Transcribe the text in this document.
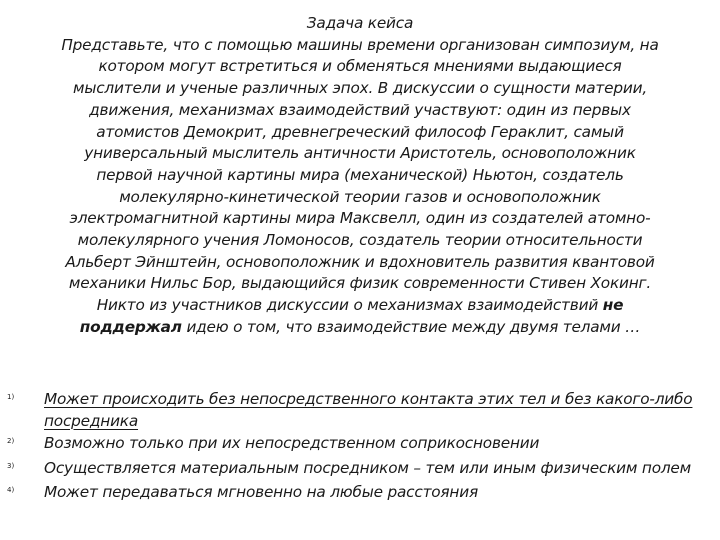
Задача кейса

Представьте, что с помощью машины времени организован симпозиум, на котором могут встретиться и обменяться мнениями выдающиеся мыслители и ученые различных эпох. В дискуссии о сущности материи, движения, механизмах взаимодействий участвуют: один из первых атомистов Демокрит, древнегреческий философ Гераклит, самый универсальный мыслитель античности Аристотель, основоположник первой научной картины мира (механической) Ньютон, создатель молекулярно-кинетической теории газов и основоположник электромагнитной картины мира Максвелл, один из создателей атомно-молекулярного учения Ломоносов, создатель теории относительности Альберт Эйнштейн, основоположник и вдохновитель развития квантовой механики Нильс Бор, выдающийся физик современности Стивен Хокинг.

Никто из участников дискуссии о механизмах взаимодействий не поддержал идею о том, что взаимодействие между двумя телами …

1) Может происходить без непосредственного контакта этих тел и без какого-либо посредника
2) Возможно только при их непосредственном соприкосновении
3) Осуществляется материальным посредником – тем или иным физическим полем
4) Может передаваться мгновенно на любые расстояния
